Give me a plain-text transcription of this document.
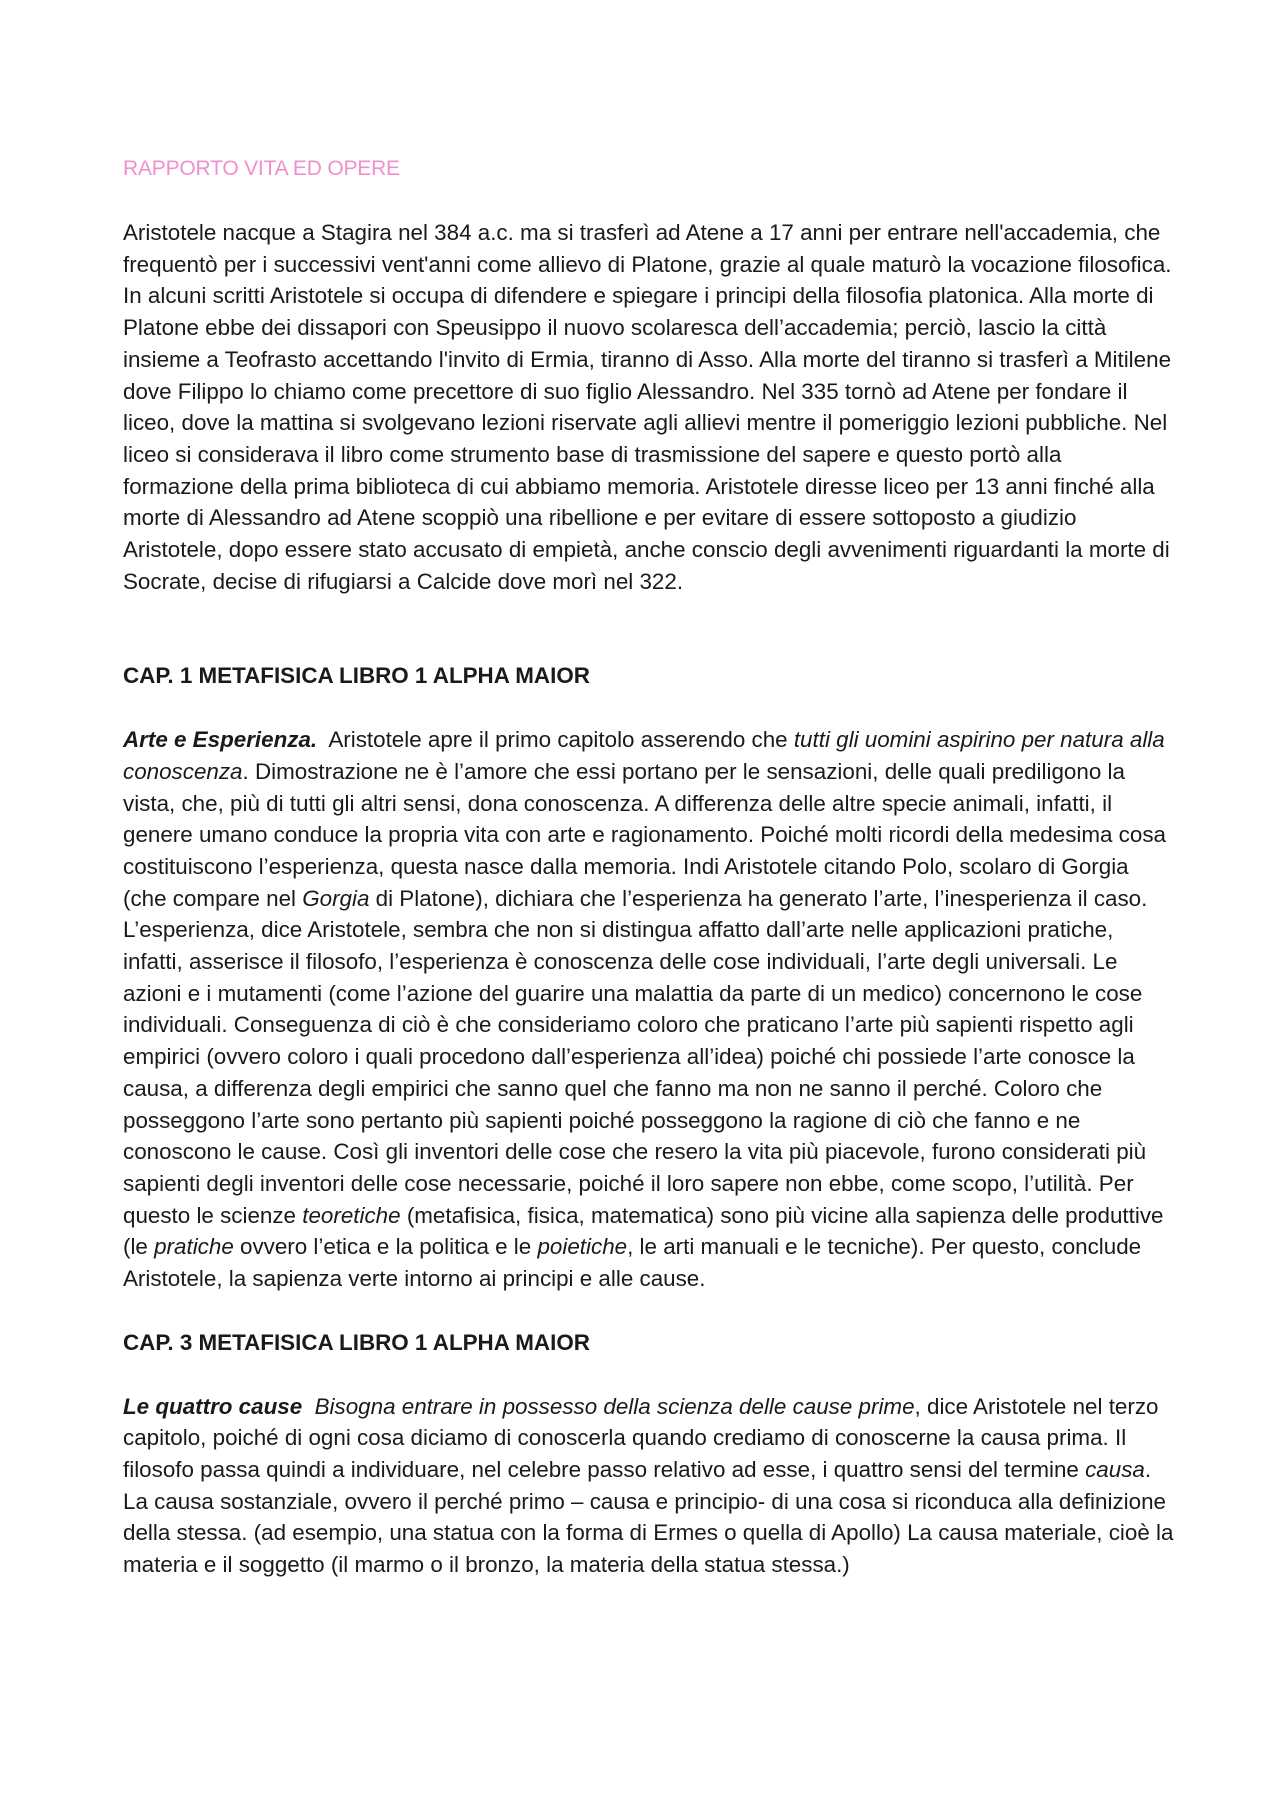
RAPPORTO VITA ED OPERE

Aristotele nacque a Stagira nel 384 a.c. ma si trasferì ad Atene a 17 anni per entrare nell'accademia, che frequentò per i successivi vent'anni come allievo di Platone, grazie al quale maturò la vocazione filosofica. In alcuni scritti Aristotele si occupa di difendere e spiegare i principi della filosofia platonica. Alla morte di Platone ebbe dei dissapori con Speusippo il nuovo scolaresca dell’accademia; perciò, lascio la città insieme a Teofrasto accettando l'invito di Ermia, tiranno di Asso. Alla morte del tiranno si trasferì a Mitilene dove Filippo lo chiamo come precettore di suo figlio Alessandro. Nel 335 tornò ad Atene per fondare il liceo, dove la mattina si svolgevano lezioni riservate agli allievi mentre il pomeriggio lezioni pubbliche. Nel liceo si considerava il libro come strumento base di trasmissione del sapere e questo portò alla formazione della prima biblioteca di cui abbiamo memoria. Aristotele diresse liceo per 13 anni finché alla morte di Alessandro ad Atene scoppiò una ribellione e per evitare di essere sottoposto a giudizio Aristotele, dopo essere stato accusato di empietà, anche conscio degli avvenimenti riguardanti la morte di Socrate, decise di rifugiarsi a Calcide dove morì nel 322.

CAP. 1 METAFISICA LIBRO 1 ALPHA MAIOR

Arte e Esperienza.  Aristotele apre il primo capitolo asserendo che tutti gli uomini aspirino per natura alla conoscenza. Dimostrazione ne è l’amore che essi portano per le sensazioni, delle quali prediligono la vista, che, più di tutti gli altri sensi, dona conoscenza. A differenza delle altre specie animali, infatti, il genere umano conduce la propria vita con arte e ragionamento. Poiché molti ricordi della medesima cosa costituiscono l’esperienza, questa nasce dalla memoria. Indi Aristotele citando Polo, scolaro di Gorgia (che compare nel Gorgia di Platone), dichiara che l’esperienza ha generato l’arte, l’inesperienza il caso. L’esperienza, dice Aristotele, sembra che non si distingua affatto dall’arte nelle applicazioni pratiche, infatti, asserisce il filosofo, l’esperienza è conoscenza delle cose individuali, l’arte degli universali. Le azioni e i mutamenti (come l’azione del guarire una malattia da parte di un medico) concernono le cose individuali. Conseguenza di ciò è che consideriamo coloro che praticano l’arte più sapienti rispetto agli empirici (ovvero coloro i quali procedono dall’esperienza all’idea) poiché chi possiede l’arte conosce la causa, a differenza degli empirici che sanno quel che fanno ma non ne sanno il perché. Coloro che posseggono l’arte sono pertanto più sapienti poiché posseggono la ragione di ciò che fanno e ne conoscono le cause. Così gli inventori delle cose che resero la vita più piacevole, furono considerati più sapienti degli inventori delle cose necessarie, poiché il loro sapere non ebbe, come scopo, l’utilità. Per questo le scienze teoretiche (metafisica, fisica, matematica) sono più vicine alla sapienza delle produttive (le pratiche ovvero l’etica e la politica e le poietiche, le arti manuali e le tecniche). Per questo, conclude Aristotele, la sapienza verte intorno ai principi e alle cause.

CAP. 3 METAFISICA LIBRO 1 ALPHA MAIOR

Le quattro cause Bisogna entrare in possesso della scienza delle cause prime, dice Aristotele nel terzo capitolo, poiché di ogni cosa diciamo di conoscerla quando crediamo di conoscerne la causa prima. Il filosofo passa quindi a individuare, nel celebre passo relativo ad esse, i quattro sensi del termine causa.

La causa sostanziale, ovvero il perché primo – causa e principio- di una cosa si riconduca alla definizione della stessa. (ad esempio, una statua con la forma di Ermes o quella di Apollo) La causa materiale, cioè la materia e il soggetto (il marmo o il bronzo, la materia della statua stessa.)
